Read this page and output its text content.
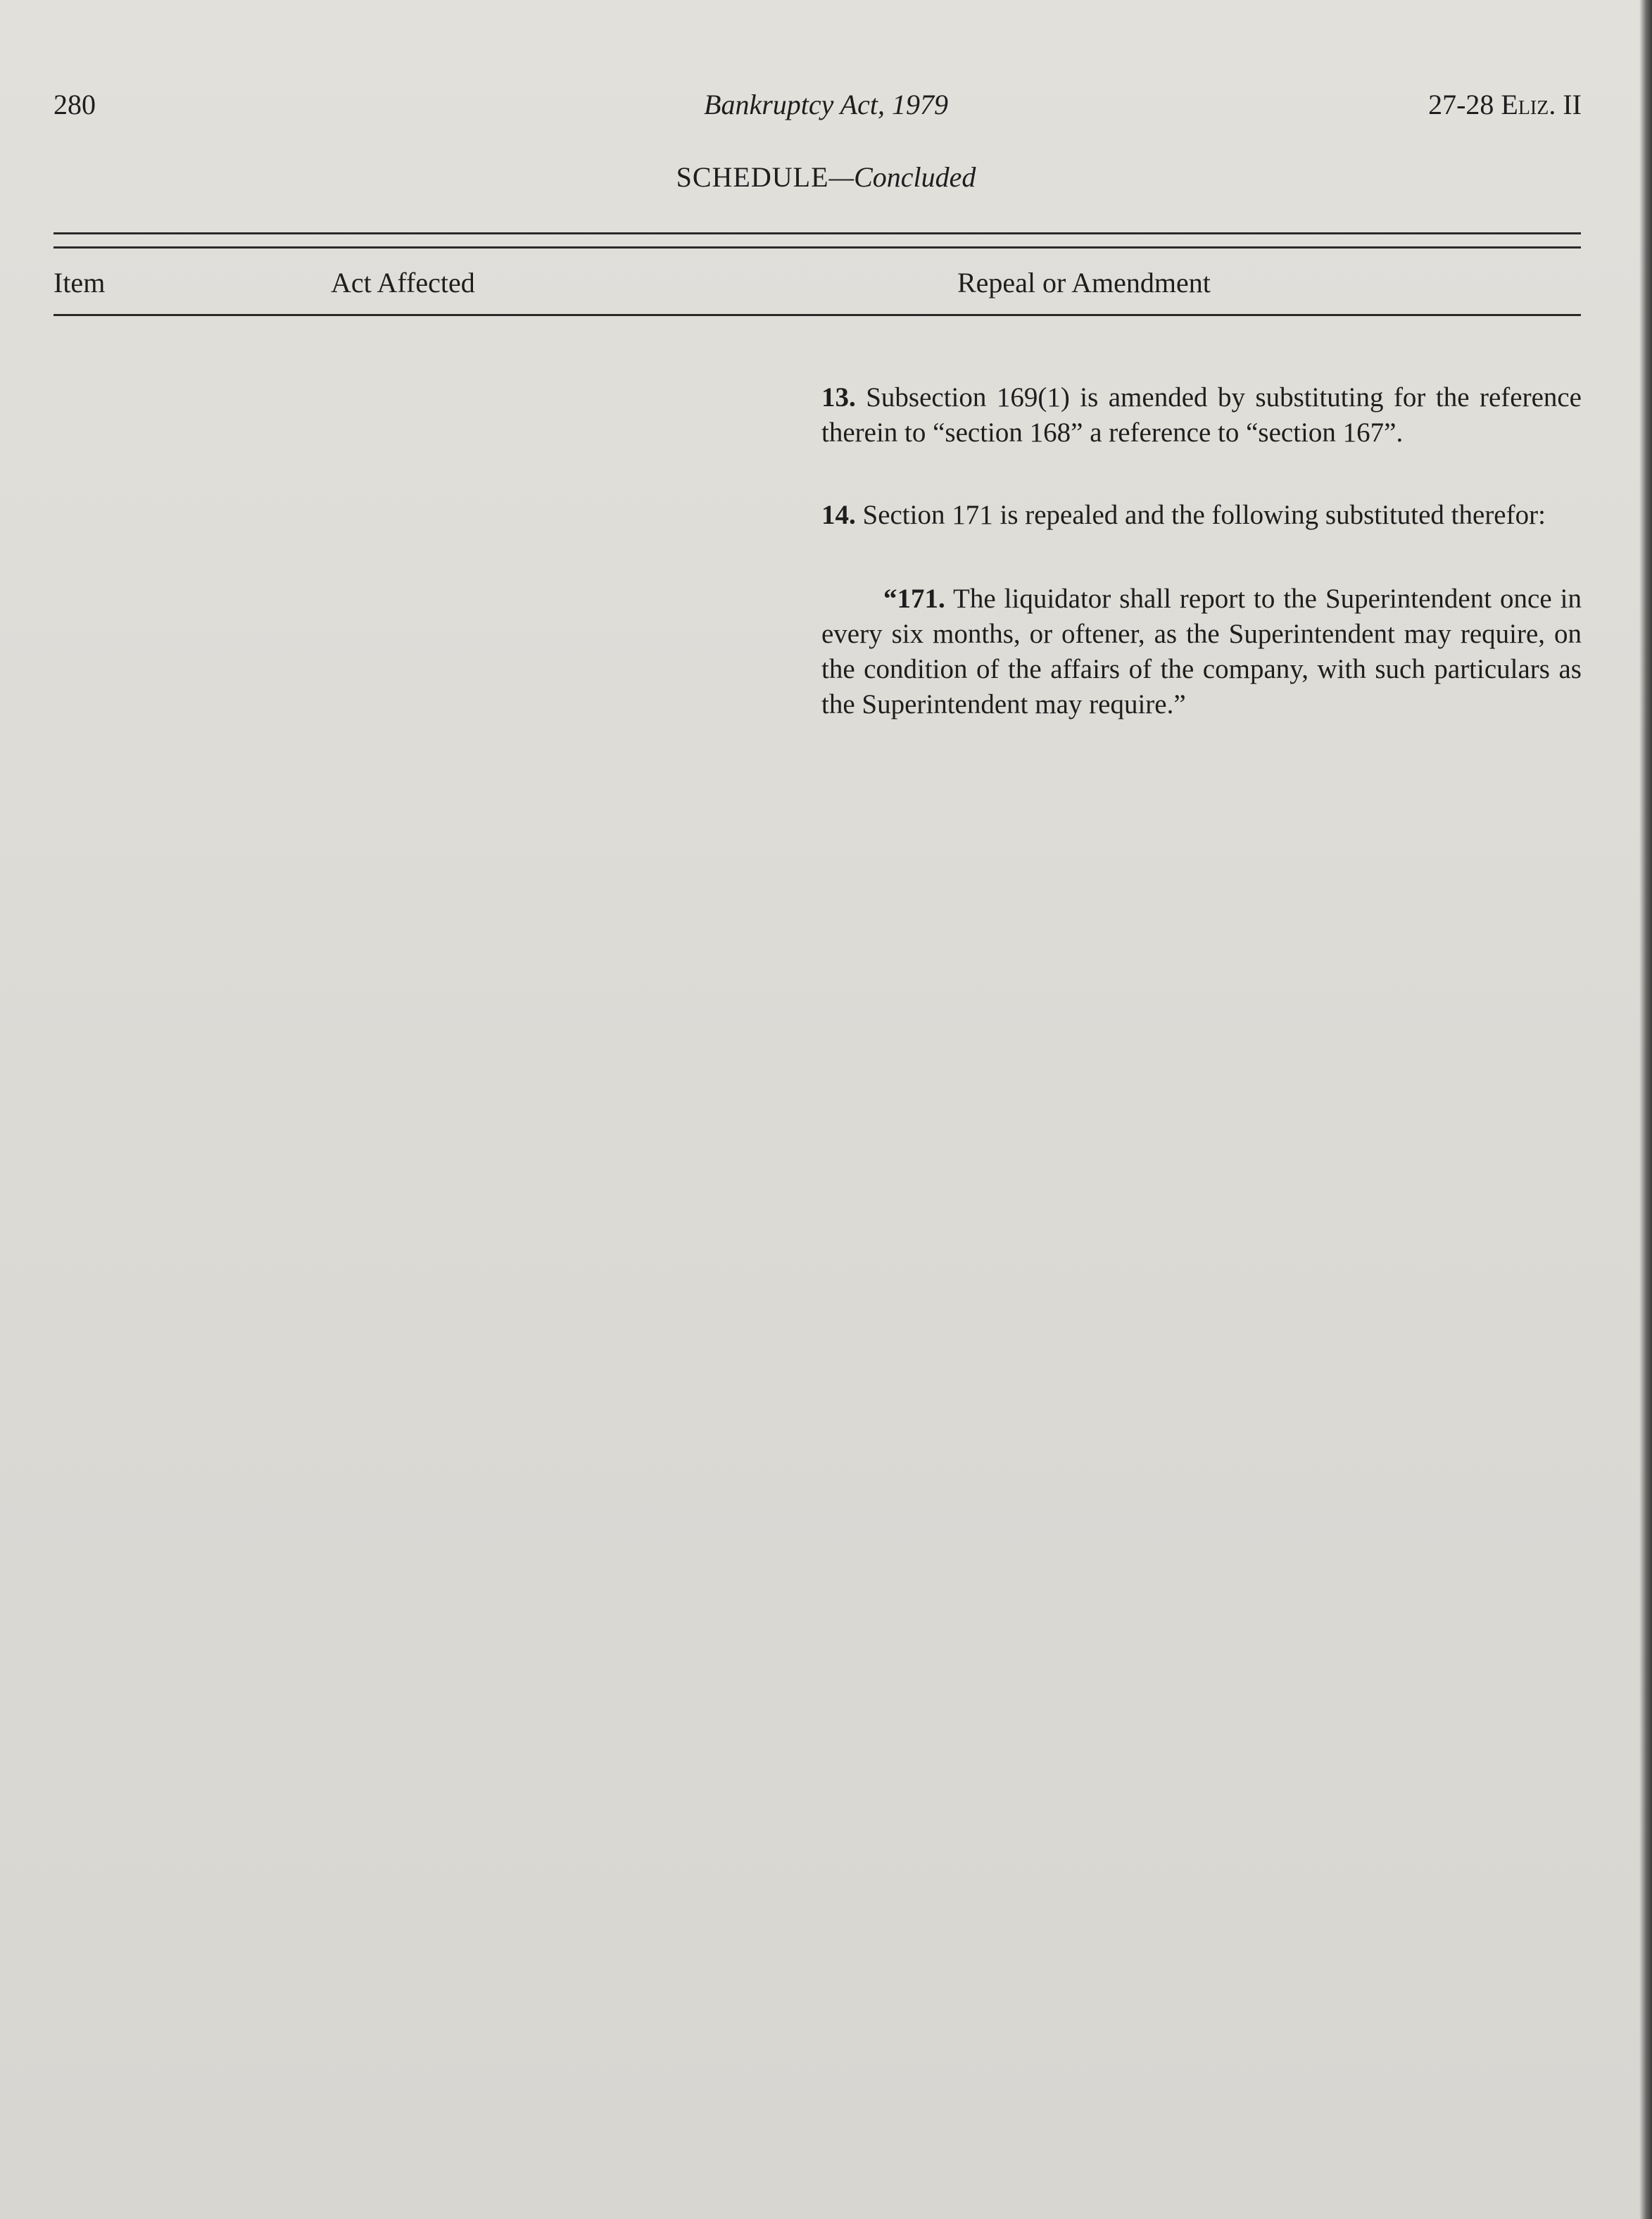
280	Bankruptcy Act, 1979	27-28 Eliz. II
SCHEDULE—Concluded
Item	Act Affected	Repeal or Amendment

13. Subsection 169(1) is amended by substituting for the reference therein to “section 168” a reference to “section 167”.

14. Section 171 is repealed and the following substituted therefor:

“171. The liquidator shall report to the Superintendent once in every six months, or oftener, as the Superintendent may require, on the condition of the affairs of the company, with such particulars as the Superintendent may require.”
